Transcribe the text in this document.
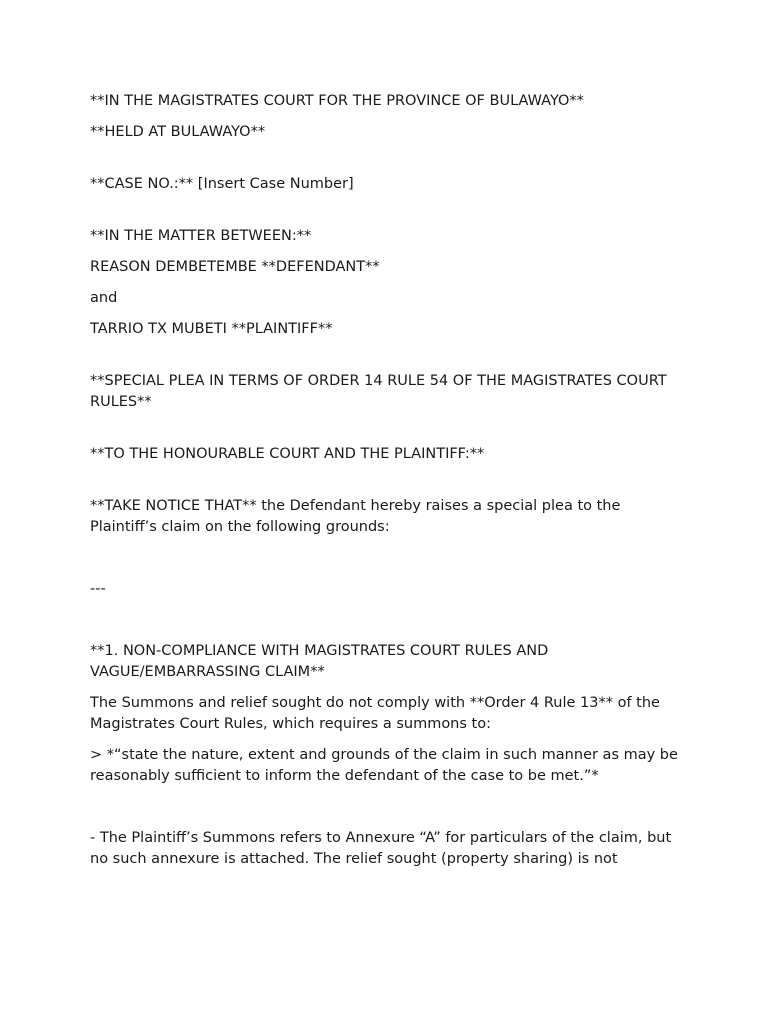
**IN THE MAGISTRATES COURT FOR THE PROVINCE OF BULAWAYO**

**HELD AT BULAWAYO**

**CASE NO.:** [Insert Case Number]

**IN THE MATTER BETWEEN:**

REASON DEMBETEMBE **DEFENDANT**

and

TARRIO TX MUBETI **PLAINTIFF**

**SPECIAL PLEA IN TERMS OF ORDER 14 RULE 54 OF THE MAGISTRATES COURT RULES**

**TO THE HONOURABLE COURT AND THE PLAINTIFF:**

**TAKE NOTICE THAT** the Defendant hereby raises a special plea to the Plaintiff’s claim on the following grounds:

---

**1. NON-COMPLIANCE WITH MAGISTRATES COURT RULES AND VAGUE/EMBARRASSING CLAIM**

The Summons and relief sought do not comply with **Order 4 Rule 13** of the Magistrates Court Rules, which requires a summons to:

> *“state the nature, extent and grounds of the claim in such manner as may be reasonably sufficient to inform the defendant of the case to be met.”*

- The Plaintiff’s Summons refers to Annexure “A” for particulars of the claim, but no such annexure is attached. The relief sought (property sharing) is not
